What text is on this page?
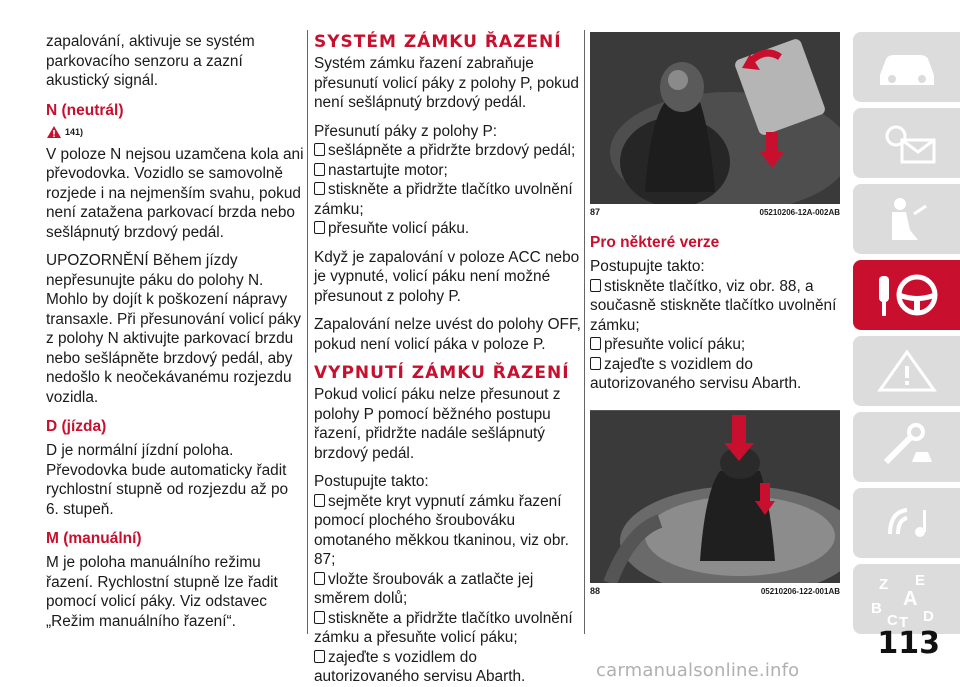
zapalování, aktivuje se systém parkovacího senzoru a zazní akustický signál.

N (neutrál)
141)

V poloze N nejsou uzamčena kola ani převodovka. Vozidlo se samovolně rozjede i na nejmenším svahu, pokud není zatažena parkovací brzda nebo sešlápnutý brzdový pedál.

UPOZORNĚNÍ Během jízdy nepřesunujte páku do polohy N. Mohlo by dojít k poškození nápravy transaxle. Při přesunování volicí páky z polohy N aktivujte parkovací brzdu nebo sešlápněte brzdový pedál, aby nedošlo k neočekávanému rozjezdu vozidla.

D (jízda)

D je normální jízdní poloha. Převodovka bude automaticky řadit rychlostní stupně od rozjezdu až po 6. stupeň.

M (manuální)

M je poloha manuálního režimu řazení. Rychlostní stupně lze řadit pomocí volicí páky. Viz odstavec „Režim manuálního řazení“.

SYSTÉM ZÁMKU ŘAZENÍ

Systém zámku řazení zabraňuje přesunutí volicí páky z polohy P, pokud není sešlápnutý brzdový pedál.

Přesunutí páky z polohy P:
sešlápněte a přidržte brzdový pedál;
nastartujte motor;
stiskněte a přidržte tlačítko uvolnění zámku;
přesuňte volicí páku.

Když je zapalování v poloze ACC nebo je vypnuté, volicí páku není možné přesunout z polohy P.

Zapalování nelze uvést do polohy OFF, pokud není volicí páka v poloze P.

VYPNUTÍ ZÁMKU ŘAZENÍ

Pokud volicí páku nelze přesunout z polohy P pomocí běžného postupu řazení, přidržte nadále sešlápnutý brzdový pedál.

Postupujte takto:
sejměte kryt vypnutí zámku řazení pomocí plochého šroubováku omotaného měkkou tkaninou, viz obr. 87;
vložte šroubovák a zatlačte jej směrem dolů;
stiskněte a přidržte tlačítko uvolnění zámku a přesuňte volicí páku;
zajeďte s vozidlem do autorizovaného servisu Abarth.
87	05210206-12A-002AB
Pro některé verze
Postupujte takto:
stiskněte tlačítko, viz obr. 88, a současně stiskněte tlačítko uvolnění zámku;
přesuňte volicí páku;
zajeďte s vozidlem do autorizovaného servisu Abarth.
88	05210206-122-001AB	Z E
A
B
C T D
113
carmanualsonline.info
